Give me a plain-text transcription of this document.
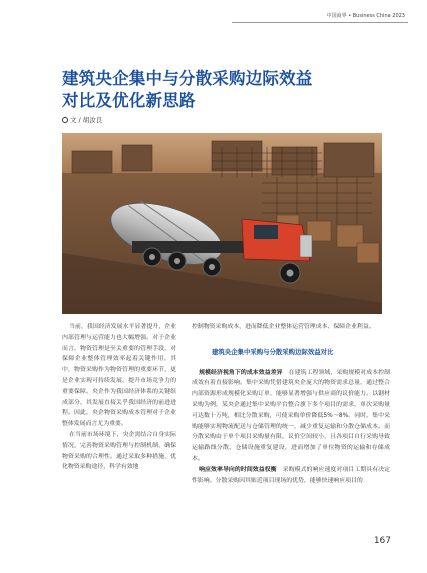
中国商界 • Business China 2023
建筑央企集中与分散采购边际效益
对比及优化新思路
文 / 胡汝良

当前，我国经济发展水平显著提升，企业内部管理与运营能力也大幅增强。对于企业而言，物资管理是至关重要的管理手段，对保障企业整体管理效率起着关键作用。其中，物资采购作为物资管理的重要环节，更是企业实现可持续发展、提升市场竞争力的重要保障。央企作为我国经济体系的关键组成部分，其发展直接关乎我国经济的前进进程。因此，央企物资采购成本管理对于企业整体发展而言尤为重要。

在当前市场环境下，央企需结合自身实际情况，完善物资采购管理与控制机制，确保物资采购的合理性。通过采取多种措施，优化物资采购途径，科学有效地

控制物资采购成本，进而降低企业整体运营管理成本、保障企业利益。

建筑央企集中采购与分散采购边际效益对比

规模经济视角下的成本效益差异　 在建筑工程领域，采购规模对成本控制成效有着直接影响。集中采购凭借建筑央企庞大的物资需求总量，通过整合内部资源形成规模化采购订单，能够显著增强与供应商的议价能力。以钢材采购为例，某央企通过集中采购平台整合旗下多个项目的需求，单次采购量可达数十万吨，相比分散采购，可使采购单价降低5%～8%。同时，集中采购能够实现物流配送与仓储管理的统一，减少重复运输和分散仓储成本。而分散采购由于单个项目采购量有限，议价空间较小，且各项目自行采购导致运输路线分散、仓储设施重复建设，进而增加了单位物资的运输和存储成本。

响应效率导向的时间效益权衡　 采购模式的响应速度对项目工期具有决定性影响。分散采购因其贴近项目现场的优势，能够快速响应项目的

167
